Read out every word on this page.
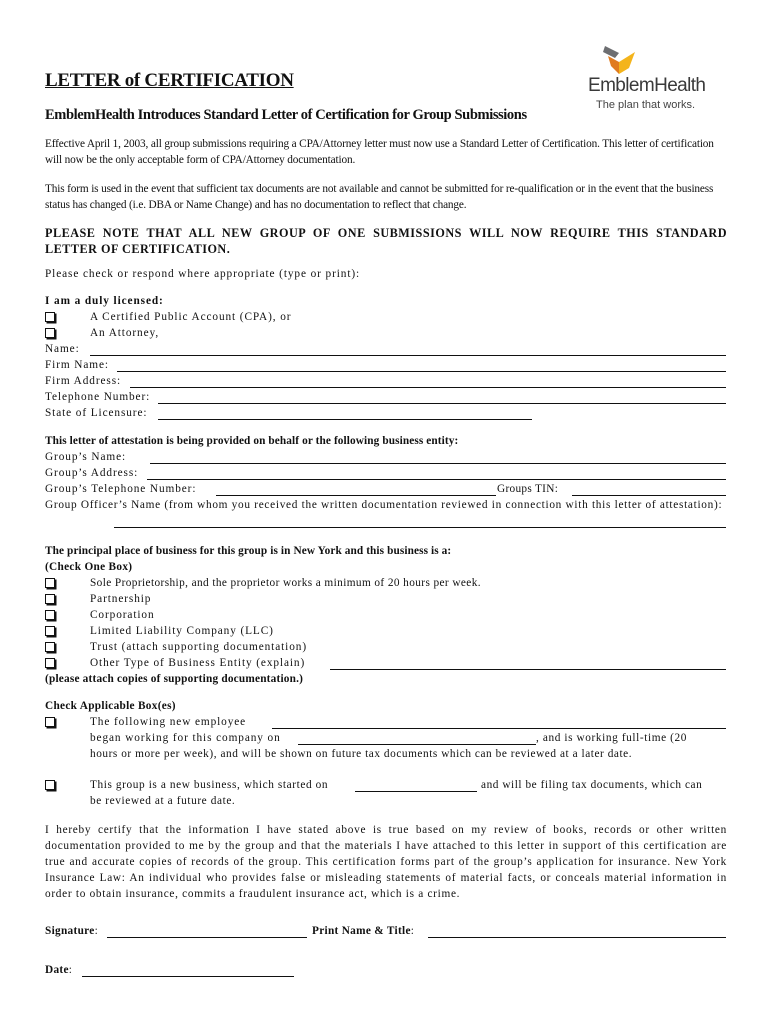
LETTER of CERTIFICATION
EmblemHealth Introduces Standard Letter of Certification for Group Submissions
EmblemHealth
The plan that works.
Effective April 1, 2003, all group submissions requiring a CPA/Attorney letter must now use a Standard Letter of Certification. This letter of certification will now be the only acceptable form of CPA/Attorney documentation.
This form is used in the event that sufficient tax documents are not available and cannot be submitted for re-qualification or in the event that the business status has changed (i.e. DBA or Name Change) and has no documentation to reflect that change.
PLEASE NOTE THAT ALL NEW GROUP OF ONE SUBMISSIONS WILL NOW REQUIRE THIS STANDARD LETTER OF CERTIFICATION.
Please check or respond where appropriate (type or print):
I am a duly licensed:
A Certified Public Account (CPA), or
An Attorney,
Name:
Firm Name:
Firm Address:
Telephone Number:
State of Licensure:
This letter of attestation is being provided on behalf or the following business entity:
Group’s Name:
Group’s Address:
Group’s Telephone Number:	Groups TIN:
Group Officer’s Name (from whom you received the written documentation reviewed in connection with this letter of attestation):
The principal place of business for this group is in New York and this business is a:
(Check One Box)
Sole Proprietorship, and the proprietor works a minimum of 20 hours per week.
Partnership
Corporation
Limited Liability Company (LLC)
Trust (attach supporting documentation)
Other Type of Business Entity (explain)
(please attach copies of supporting documentation.)
Check Applicable Box(es)
The following new employee
began working for this company on	, and is working full-time (20
hours or more per week), and will be shown on future tax documents which can be reviewed at a later date.
This group is a new business, which started on	and will be filing tax documents, which can
be reviewed at a future date.
I hereby certify that the information I have stated above is true based on my review of books, records or other written documentation provided to me by the group and that the materials I have attached to this letter in support of this certification are true and accurate copies of records of the group. This certification forms part of the group’s application for insurance. New York Insurance Law: An individual who provides false or misleading statements of material facts, or conceals material information in order to obtain insurance, commits a fraudulent insurance act, which is a crime.
Signature:	Print Name & Title:
Date:
